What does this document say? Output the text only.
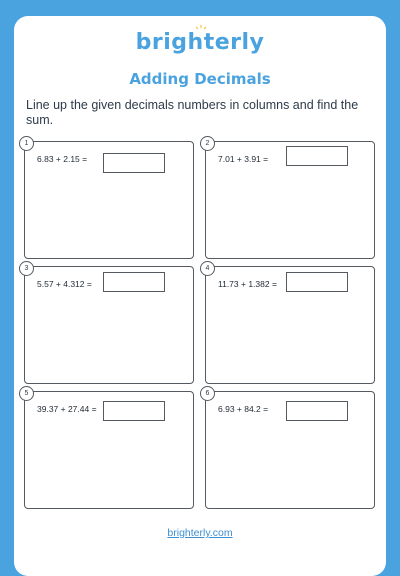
brighterly
Adding Decimals
Line up the given decimals numbers in columns and find the sum.
1
6.83 + 2.15 =
2
7.01 + 3.91 =
3
5.57 + 4.312 =
4
11.73 + 1.382 =
5
39.37 + 27.44 =
6
6.93 + 84.2 =
brighterly.com
